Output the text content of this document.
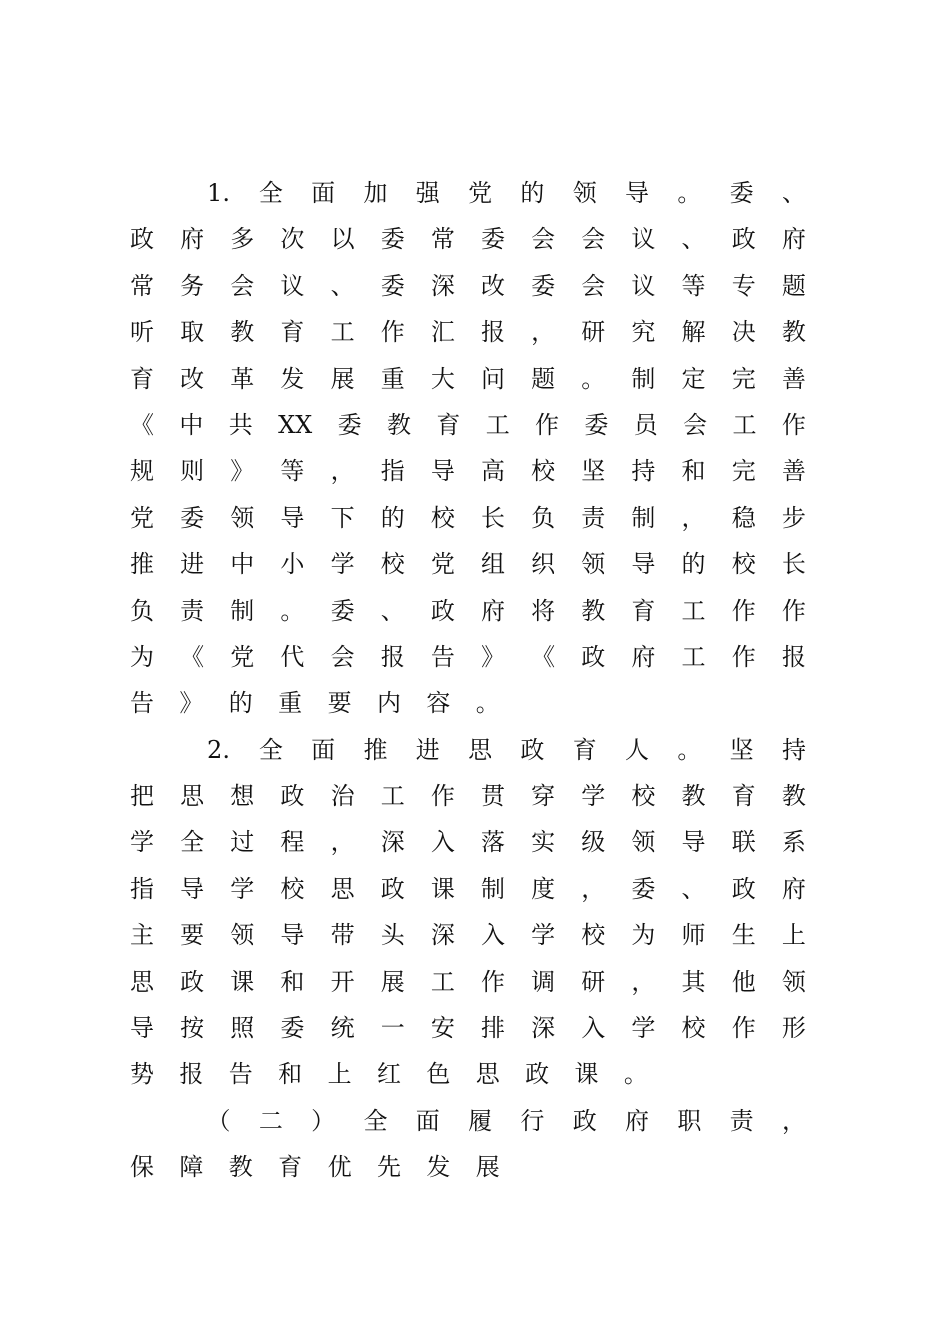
1. 全 面 加 强 党 的 领 导 。 委 、
政 府 多 次 以 委 常 委 会 会 议 、 政 府
常 务 会 议 、 委 深 改 委 会 议 等 专 题
听 取 教 育 工 作 汇 报 ， 研 究 解 决 教
育 改 革 发 展 重 大 问 题 。 制 定 完 善
《 中 共 XX 委 教 育 工 作 委 员 会 工 作
规 则 》 等 ， 指 导 高 校 坚 持 和 完 善
党 委 领 导 下 的 校 长 负 责 制 ， 稳 步
推 进 中 小 学 校 党 组 织 领 导 的 校 长
负 责 制 。 委 、 政 府 将 教 育 工 作 作
为 《 党 代 会 报 告 》 《 政 府 工 作 报
告 》 的 重 要 内 容 。
2. 全 面 推 进 思 政 育 人 。 坚 持
把 思 想 政 治 工 作 贯 穿 学 校 教 育 教
学 全 过 程 ， 深 入 落 实 级 领 导 联 系
指 导 学 校 思 政 课 制 度 ， 委 、 政 府
主 要 领 导 带 头 深 入 学 校 为 师 生 上
思 政 课 和 开 展 工 作 调 研 ， 其 他 领
导 按 照 委 统 一 安 排 深 入 学 校 作 形
势 报 告 和 上 红 色 思 政 课 。
（ 二 ） 全 面 履 行 政 府 职 责 ，
保 障 教 育 优 先 发 展
